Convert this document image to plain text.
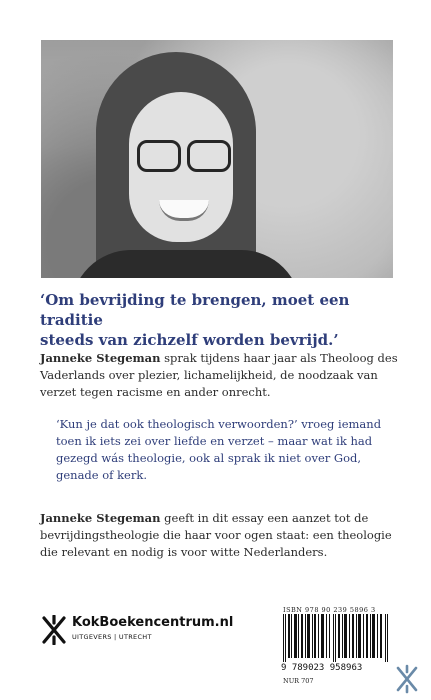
‘Om bevrijding te brengen, moet een traditie
steeds van zichzelf worden bevrijd.’
Janneke Stegeman sprak tijdens haar jaar als Theoloog des Vaderlands over plezier, lichamelijkheid, de noodzaak van verzet tegen racisme en ander onrecht.
‘Kun je dat ook theologisch verwoorden?’ vroeg iemand toen ik iets zei over liefde en verzet – maar wat ik had gezegd wás theologie, ook al sprak ik niet over God, genade of kerk.
Janneke Stegeman geeft in dit essay een aanzet tot de bevrijdingstheologie die haar voor ogen staat: een theologie die relevant en nodig is voor witte Nederlanders.
KokBoekencentrum.nl
UITGEVERS | UTRECHT
ISBN 978 90 239 5896 3
9 789023 958963
NUR 707
